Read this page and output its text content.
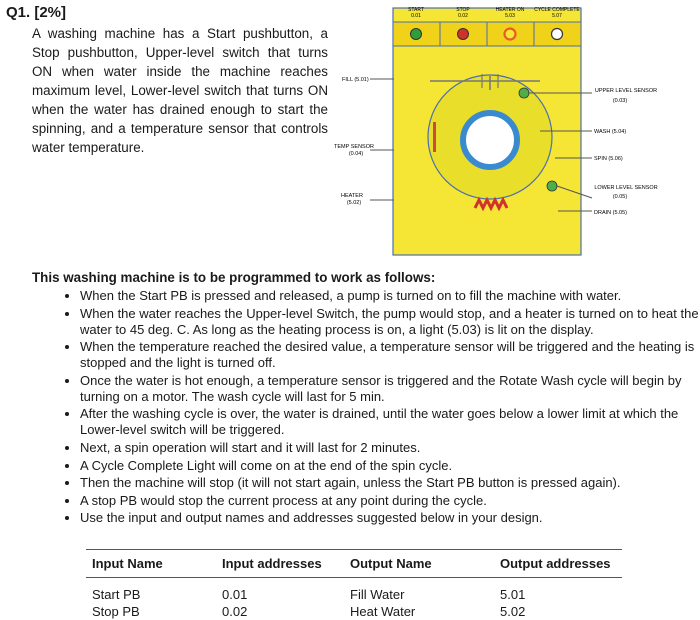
Q1. [2%]
A washing machine has a Start pushbutton, a Stop pushbutton, Upper-level switch that turns ON when water inside the machine reaches maximum level, Lower-level switch that turns ON when the water has drained enough to start the spinning, and a temperature sensor that controls water temperature.
START
0.01
STOP
0.02
HEATER ON
5.03
CYCLE COMPLETE
5.07
FILL (5.01)
TEMP SENSOR
(0.04)
HEATER
(5.02)
UPPER LEVEL SENSOR
(0.03)
WASH (5.04)
SPIN (5.06)
LOWER LEVEL SENSOR
(0.05)
DRAIN (5.05)
This washing machine is to be programmed to work as follows:
• When the Start PB is pressed and released, a pump is turned on to fill the machine with water.
• When the water reaches the Upper-level Switch, the pump would stop, and a heater is turned on to heat the water to 45 deg. C. As long as the heating process is on, a light (5.03) is lit on the display.
• When the temperature reached the desired value, a temperature sensor will be triggered and the heating is stopped and the light is turned off.
• Once the water is hot enough, a temperature sensor is triggered and the Rotate Wash cycle will begin by turning on a motor. The wash cycle will last for 5 min.
• After the washing cycle is over, the water is drained, until the water goes below a lower limit at which the Lower-level switch will be triggered.
• Next, a spin operation will start and it will last for 2 minutes.
• A Cycle Complete Light will come on at the end of the spin cycle.
• Then the machine will stop (it will not start again, unless the Start PB button is pressed again).
• A stop PB would stop the current process at any point during the cycle.
• Use the input and output names and addresses suggested below in your design.
Input Name	Input addresses	Output Name	Output addresses
Start PB	0.01	Fill Water	5.01
Stop PB	0.02	Heat Water	5.02
